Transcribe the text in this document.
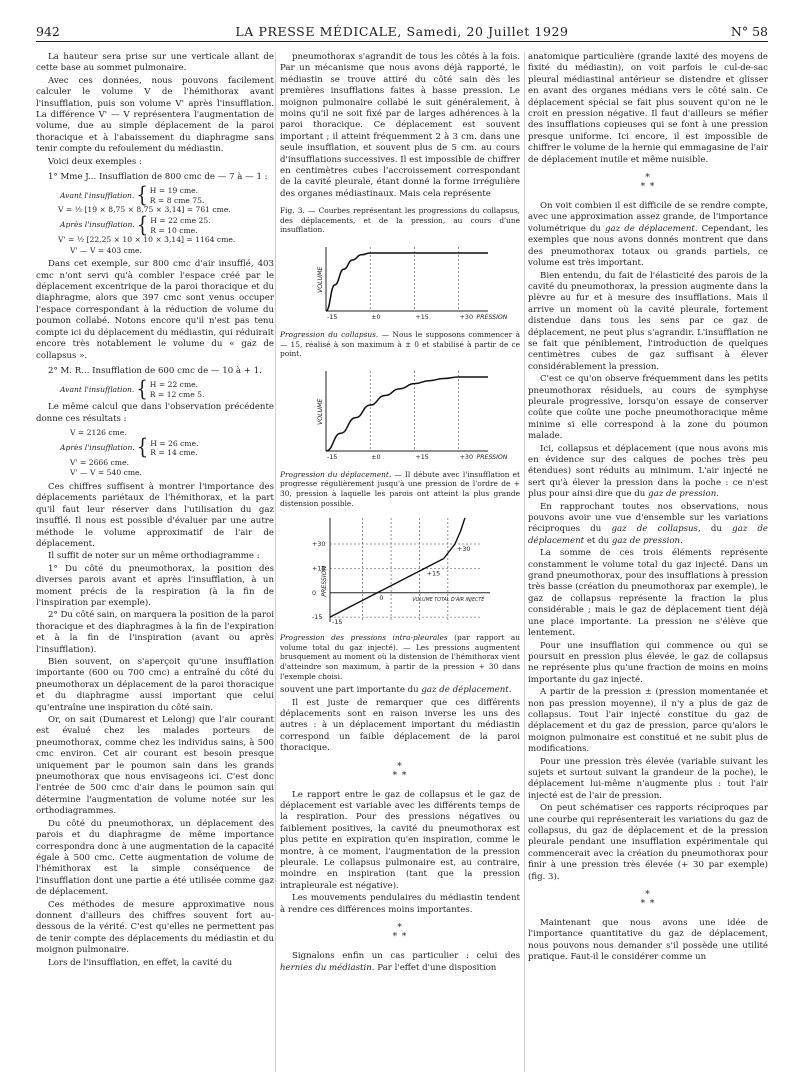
942	LA PRESSE MÉDICALE, Samedi, 20 Juillet 1929	N° 58

La hauteur sera prise sur une verticale allant de cette base au sommet pulmonaire.

Avec ces données, nous pouvons facilement calculer le volume V de l'hémithorax avant l'insufflation, puis son volume V' après l'insufflation. La différence V' — V représentera l'augmentation de volume, due au simple déplacement de la paroi thoracique et à l'abaissement du diaphragme sans tenir compte du refoulement du médiastin.

Voici deux exemples :

1° Mme J... Insufflation de 800 cmc de — 7 à — 1 :

Avant l'insufflation. { H = 19 cme.
R = 8 cme 75.
V = ½ [19 × 8,75 × 8,75 × 3,14] = 761 cme.
Après l'insufflation. { H = 22 cme 25.
R = 10 cme.
V' = ½ [22,25 × 10 × 10 × 3,14] = 1164 cme.
V' — V = 403 cme.

Dans cet exemple, sur 800 cmc d'air insufflé, 403 cmc n'ont servi qu'à combler l'espace créé par le déplacement excentrique de la paroi thoracique et du diaphragme, alors que 397 cmc sont venus occuper l'espace correspondant à la réduction de volume du poumon collabé. Notons encore qu'il n'est pas tenu compte ici du déplacement du médiastin, qui réduirait encore très notablement le volume du « gaz de collapsus ».

2° M. R... Insufflation de 600 cmc de — 10 à + 1.

Avant l'insufflation. { H = 22 cme.
R = 12 cme 5.

Le même calcul que dans l'observation précédente donne ces résultats :

V = 2126 cme.
Après l'insufflation. { H = 26 cme.
R = 14 cme.
V' = 2666 cme.
V' — V = 540 cme.

Ces chiffres suffisent à montrer l'importance des déplacements pariétaux de l'hémithorax, et la part qu'il faut leur réserver dans l'utilisation du gaz insufflé. Il nous est possible d'évaluer par une autre méthode le volume approximatif de l'air de déplacement.

Il suffit de noter sur un même orthodiagramme :

1° Du côté du pneumothorax, la position des diverses parois avant et après l'insufflation, à un moment précis de la respiration (à la fin de l'inspiration par exemple).

2° Du côté sain, on marquera la position de la paroi thoracique et des diaphragmes à la fin de l'expiration et à la fin de l'inspiration (avant ou après l'insufflation).

Bien souvent, on s'aperçoit qu'une insufflation importante (600 ou 700 cmc) a entraîné du côté du pneumothorax un déplacement de la paroi thoracique et du diaphragme aussi important que celui qu'entraîne une inspiration du côté sain.

Or, on sait (Dumarest et Lelong) que l'air courant est évalué chez les malades porteurs de pneumothorax, comme chez les individus sains, à 500 cmc environ. Cet air courant est besoin presque uniquement par le poumon sain dans les grands pneumothorax que nous envisageons ici. C'est donc l'entrée de 500 cmc d'air dans le poumon sain qui détermine l'augmentation de volume notée sur les orthodiagrammes.

Du côté du pneumothorax, un déplacement des parois et du diaphragme de même importance correspondra donc à une augmentation de la capacité égale à 500 cmc. Cette augmentation de volume de l'hémithorax est la simple conséquence de l'insufflation dont une partie a été utilisée comme gaz de déplacement.

Ces méthodes de mesure approximative nous donnent d'ailleurs des chiffres souvent fort au-dessous de la vérité. C'est qu'elles ne permettent pas de tenir compte des déplacements du médiastin et du moignon pulmonaire.

Lors de l'insufflation, en effet, la cavité du

pneumothorax s'agrandit de tous les côtés à la fois. Par un mécanisme que nous avons déjà rapporté, le médiastin se trouve attiré du côté sain dès les premières insufflations faites à basse pression. Le moignon pulmonaire collabé le suit généralement, à moins qu'il ne soit fixé par de larges adhérences à la paroi thoracique. Ce déplacement est souvent important ; il atteint fréquemment 2 à 3 cm. dans une seule insufflation, et souvent plus de 5 cm. au cours d'insufflations successives. Il est impossible de chiffrer en centimètres cubes l'accroissement correspondant de la cavité pleurale, étant donné la forme irrégulière des organes médiastinaux. Mais cela représente

Fig. 3. — Courbes représentant les progressions du collapsus, des déplacements, et de la pression, au cours d'une insufflation.
-15	±0	+15	+30
VOLUME
PRESSION
Progression du collapsus. — Nous le supposons commencer à — 15, réalisé à son maximum à ± 0 et stabilisé à partir de ce point.
-15	±0	+15	+30
VOLUME
PRESSION
Progression du déplacement. — Il débute avec l'insufflation et progresse régulièrement jusqu'à une pression de l'ordre de + 30, pression à laquelle les parois ont atteint la plus grande distension possible.
+30
+15
0
-15
PRESSION
VOLUME TOTAL D'AIR INJECTÉ
-15
0
+15
+30
Progression des pressions intra-pleurales (par rapport au volume total du gaz injecté). — Les pressions augmentent brusquement au moment où la distension de l'hémithorax vient d'atteindre son maximum, à partir de la pression + 30 dans l'exemple choisi.

souvent une part importante du gaz de déplacement.

Il est juste de remarquer que ces différents déplacements sont en raison inverse les uns des autres : à un déplacement important du médiastin correspond un faible déplacement de la paroi thoracique.

*
* *

Le rapport entre le gaz de collapsus et le gaz de déplacement est variable avec les différents temps de la respiration. Pour des pressions négatives ou faiblement positives, la cavité du pneumothorax est plus petite en expiration qu'en inspiration, comme le montre, à ce moment, l'augmentation de la pression pleurale. Le collapsus pulmonaire est, au contraire, moindre en inspiration (tant que la pression intrapleurale est négative).

Les mouvements pendulaires du médiastin tendent à rendre ces différences moins importantes.

*
* *

Signalons enfin un cas particulier : celui des hernies du médiastin. Par l'effet d'une disposition

anatomique particulière (grande laxité des moyens de fixité du médiastin), on voit parfois le cul-de-sac pleural médiastinal antérieur se distendre et glisser en avant des organes médians vers le côté sain. Ce déplacement spécial se fait plus souvent qu'on ne le croit en pression négative. Il faut d'ailleurs se méfier des insufflations copieuses qui se font à une pression presque uniforme. Ici encore, il est impossible de chiffrer le volume de la hernie qui emmagasine de l'air de déplacement inutile et même nuisible.

*
* *

On voit combien il est difficile de se rendre compte, avec une approximation assez grande, de l'importance volumétrique du gaz de déplacement. Cependant, les exemples que nous avons donnés montrent que dans des pneumothorax totaux ou grands partiels, ce volume est très important.

Bien entendu, du fait de l'élasticité des parois de la cavité du pneumothorax, la pression augmente dans la plèvre au fur et à mesure des insufflations. Mais il arrive un moment où la cavité pleurale, fortement distendue dans tous les sens par ce gaz de déplacement, ne peut plus s'agrandir. L'insufflation ne se fait que péniblement, l'introduction de quelques centimètres cubes de gaz suffisant à élever considérablement la pression.

C'est ce qu'on observe fréquemment dans les petits pneumothorax résiduels, au cours de symphyse pleurale progressive, lorsqu'on essaye de conserver coûte que coûte une poche pneumothoracique même minime si elle correspond à la zone du poumon malade.

Ici, collapsus et déplacement (que nous avons mis en évidence sur des calques de poches très peu étendues) sont réduits au minimum. L'air injecté ne sert qu'à élever la pression dans la poche : ce n'est plus pour ainsi dire que du gaz de pression.

En rapprochant toutes nos observations, nous pouvons avoir une vue d'ensemble sur les variations réciproques du gaz de collapsus, du gaz de déplacement et du gaz de pression.

La somme de ces trois éléments représente constamment le volume total du gaz injecté. Dans un grand pneumothorax, pour des insufflations à pression très basse (création du pneumothorax par exemple), le gaz de collapsus représente la fraction la plus considérable ; mais le gaz de déplacement tient déjà une place importante. La pression ne s'élève que lentement.

Pour une insufflation qui commence ou qui se poursuit en pression plus élevée, le gaz de collapsus ne représente plus qu'une fraction de moins en moins importante du gaz injecté.

A partir de la pression ± (pression momentanée et non pas pression moyenne), il n'y a plus de gaz de collapsus. Tout l'air injecté constitue du gaz de déplacement et du gaz de pression, parce qu'alors le moignon pulmonaire est constitué et ne subit plus de modifications.

Pour une pression très élevée (variable suivant les sujets et surtout suivant la grandeur de la poche), le déplacement lui-même n'augmente plus : tout l'air injecté est de l'air de pression.

On peut schématiser ces rapports réciproques par une courbe qui représenterait les variations du gaz de collapsus, du gaz de déplacement et de la pression pleurale pendant une insufflation expérimentale qui commencerait avec la création du pneumothorax pour finir à une pression très élevée (+ 30 par exemple) (fig. 3).

*
* *

Maintenant que nous avons une idée de l'importance quantitative du gaz de déplacement, nous pouvons nous demander s'il possède une utilité pratique. Faut-il le considérer comme un
